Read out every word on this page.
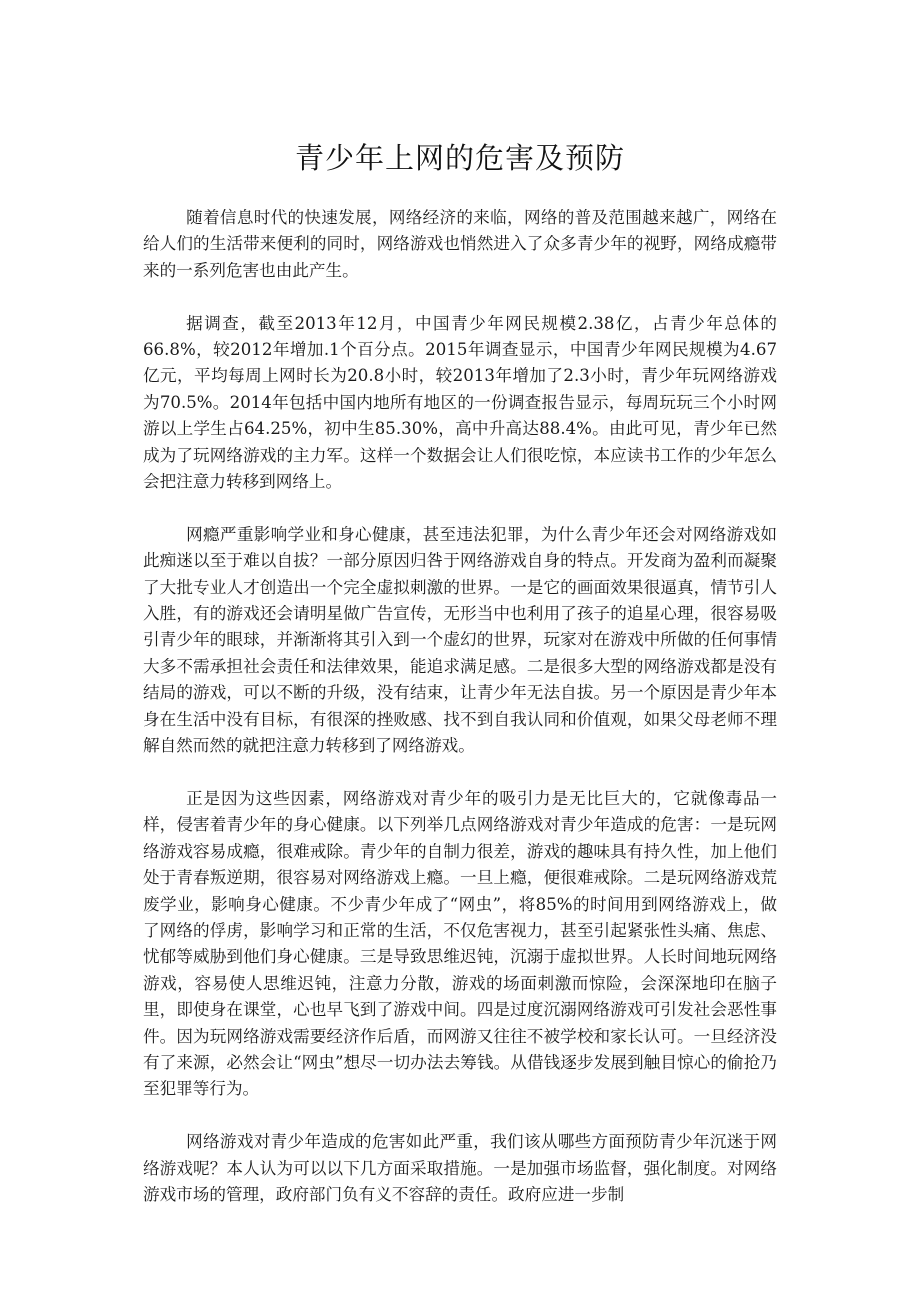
青少年上网的危害及预防

随着信息时代的快速发展，网络经济的来临，网络的普及范围越来越广，网络在给人们的生活带来便利的同时，网络游戏也悄然进入了众多青少年的视野，网络成瘾带来的一系列危害也由此产生。

据调查，截至2013年12月，中国青少年网民规模2.38亿，占青少年总体的66.8%，较2012年增加.1个百分点。2015年调查显示，中国青少年网民规模为4.67亿元，平均每周上网时长为20.8小时，较2013年增加了2.3小时，青少年玩网络游戏为70.5%。2014年包括中国内地所有地区的一份调查报告显示，每周玩玩三个小时网游以上学生占64.25%，初中生85.30%，高中升高达88.4%。由此可见，青少年已然成为了玩网络游戏的主力军。这样一个数据会让人们很吃惊，本应读书工作的少年怎么会把注意力转移到网络上。

网瘾严重影响学业和身心健康，甚至违法犯罪，为什么青少年还会对网络游戏如此痴迷以至于难以自拔？一部分原因归咎于网络游戏自身的特点。开发商为盈利而凝聚了大批专业人才创造出一个完全虚拟刺激的世界。一是它的画面效果很逼真，情节引人入胜，有的游戏还会请明星做广告宣传，无形当中也利用了孩子的追星心理，很容易吸引青少年的眼球，并渐渐将其引入到一个虚幻的世界，玩家对在游戏中所做的任何事情大多不需承担社会责任和法律效果，能追求满足感。二是很多大型的网络游戏都是没有结局的游戏，可以不断的升级，没有结束，让青少年无法自拔。另一个原因是青少年本身在生活中没有目标，有很深的挫败感、找不到自我认同和价值观，如果父母老师不理解自然而然的就把注意力转移到了网络游戏。

正是因为这些因素，网络游戏对青少年的吸引力是无比巨大的，它就像毒品一样，侵害着青少年的身心健康。以下列举几点网络游戏对青少年造成的危害：一是玩网络游戏容易成瘾，很难戒除。青少年的自制力很差，游戏的趣味具有持久性，加上他们处于青春叛逆期，很容易对网络游戏上瘾。一旦上瘾，便很难戒除。二是玩网络游戏荒废学业，影响身心健康。不少青少年成了“网虫”，将85%的时间用到网络游戏上，做了网络的俘虏，影响学习和正常的生活，不仅危害视力，甚至引起紧张性头痛、焦虑、忧郁等威胁到他们身心健康。三是导致思维迟钝，沉溺于虚拟世界。人长时间地玩网络游戏，容易使人思维迟钝，注意力分散，游戏的场面刺激而惊险，会深深地印在脑子里，即使身在课堂，心也早飞到了游戏中间。四是过度沉溺网络游戏可引发社会恶性事件。因为玩网络游戏需要经济作后盾，而网游又往往不被学校和家长认可。一旦经济没有了来源，必然会让“网虫”想尽一切办法去筹钱。从借钱逐步发展到触目惊心的偷抢乃至犯罪等行为。

网络游戏对青少年造成的危害如此严重，我们该从哪些方面预防青少年沉迷于网络游戏呢？本人认为可以以下几方面采取措施。一是加强市场监督，强化制度。对网络游戏市场的管理，政府部门负有义不容辞的责任。政府应进一步制
